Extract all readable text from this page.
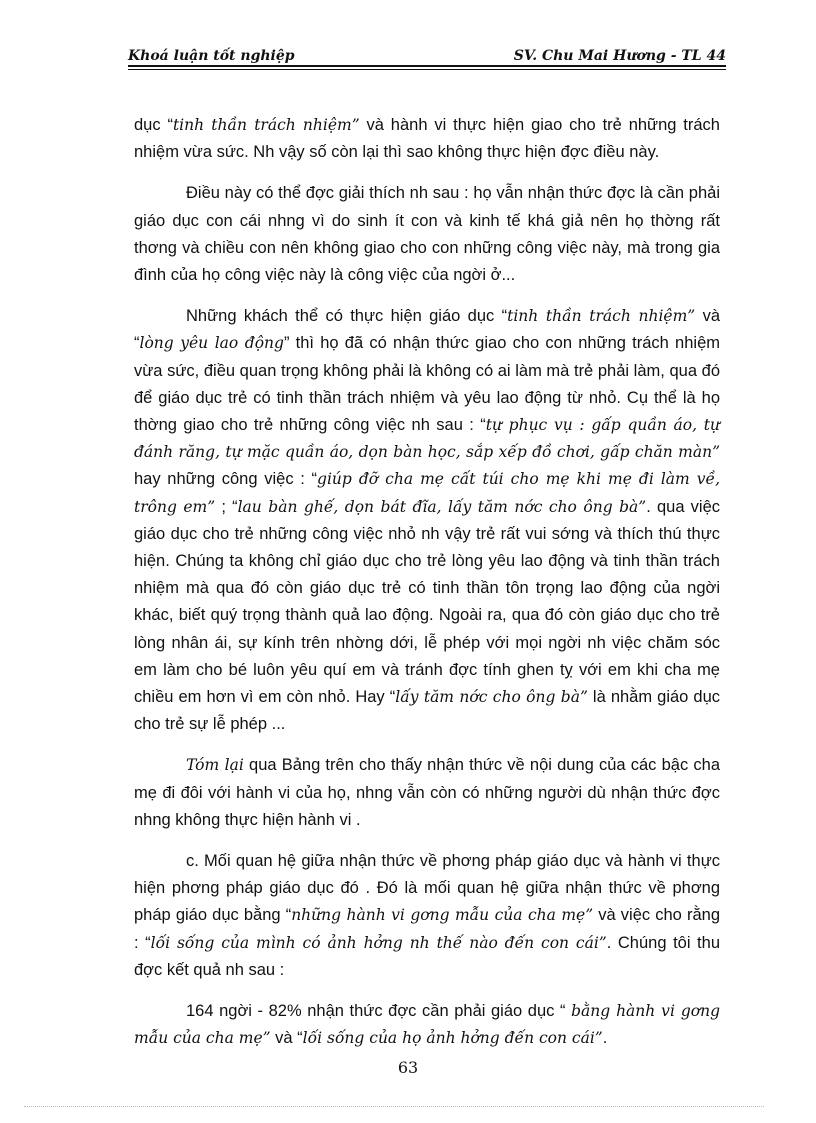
Khoá luận tốt nghiệp	SV. Chu Mai Hương - TL 44

dục “tinh thần trách nhiệm” và hành vi thực hiện giao cho trẻ những trách nhiệm vừa sức. Nh vậy số còn lại thì sao không thực hiện đợc điều này.

Điều này có thể đợc giải thích nh sau : họ vẫn nhận thức đợc là cần phải giáo dục con cái nhng vì do sinh ít con và kinh tế khá giả nên họ thờng rất thơng và chiều con nên không giao cho con những công việc này, mà trong gia đình của họ công việc này là công việc của ngời ở...

Những khách thể có thực hiện giáo dục “tinh thần trách nhiệm” và “lòng yêu lao động” thì họ đã có nhận thức giao cho con những trách nhiệm vừa sức, điều quan trọng không phải là không có ai làm mà trẻ phải làm, qua đó để giáo dục trẻ có tinh thần trách nhiệm và yêu lao động từ nhỏ. Cụ thể là họ thờng giao cho trẻ những công việc nh sau : “tự phục vụ : gấp quần áo, tự đánh răng, tự mặc quần áo, dọn bàn học, sắp xếp đồ chơi, gấp chăn màn” hay những công việc : “giúp đỡ cha mẹ cất túi cho mẹ khi mẹ đi làm về, trông em” ; “lau bàn ghế, dọn bát đĩa, lấy tăm nớc cho ông bà”. qua việc giáo dục cho trẻ những công việc nhỏ nh vậy trẻ rất vui sớng và thích thú thực hiện. Chúng ta không chỉ giáo dục cho trẻ lòng yêu lao động và tinh thần trách nhiệm mà qua đó còn giáo dục trẻ có tinh thần tôn trọng lao động của ngời khác, biết quý trọng thành quả lao động. Ngoài ra, qua đó còn giáo dục cho trẻ lòng nhân ái, sự kính trên nhờng dới, lễ phép với mọi ngời nh việc chăm sóc em làm cho bé luôn yêu quí em và tránh đợc tính ghen tỵ với em khi cha mẹ chiều em hơn vì em còn nhỏ. Hay “lấy tăm nớc cho ông bà” là nhằm giáo dục cho trẻ sự lễ phép ...

Tóm lại qua Bảng trên cho thấy nhận thức về nội dung của các bậc cha mẹ đi đôi với hành vi của họ, nhng vẫn còn có những người dù nhận thức đợc nhng không thực hiện hành vi .

c. Mối quan hệ giữa nhận thức về phơng pháp giáo dục và hành vi thực hiện phơng pháp giáo dục đó . Đó là mối quan hệ giữa nhận thức về phơng pháp giáo dục bằng “những hành vi gơng mẫu của cha mẹ” và việc cho rằng : “lối sống của mình có ảnh hởng nh thế nào đến con cái”. Chúng tôi thu đợc kết quả nh sau :

164 ngời - 82% nhận thức đợc cần phải giáo dục “ bằng hành vi gơng mẫu của cha mẹ” và “lối sống của họ ảnh hởng đến con cái”.

63
